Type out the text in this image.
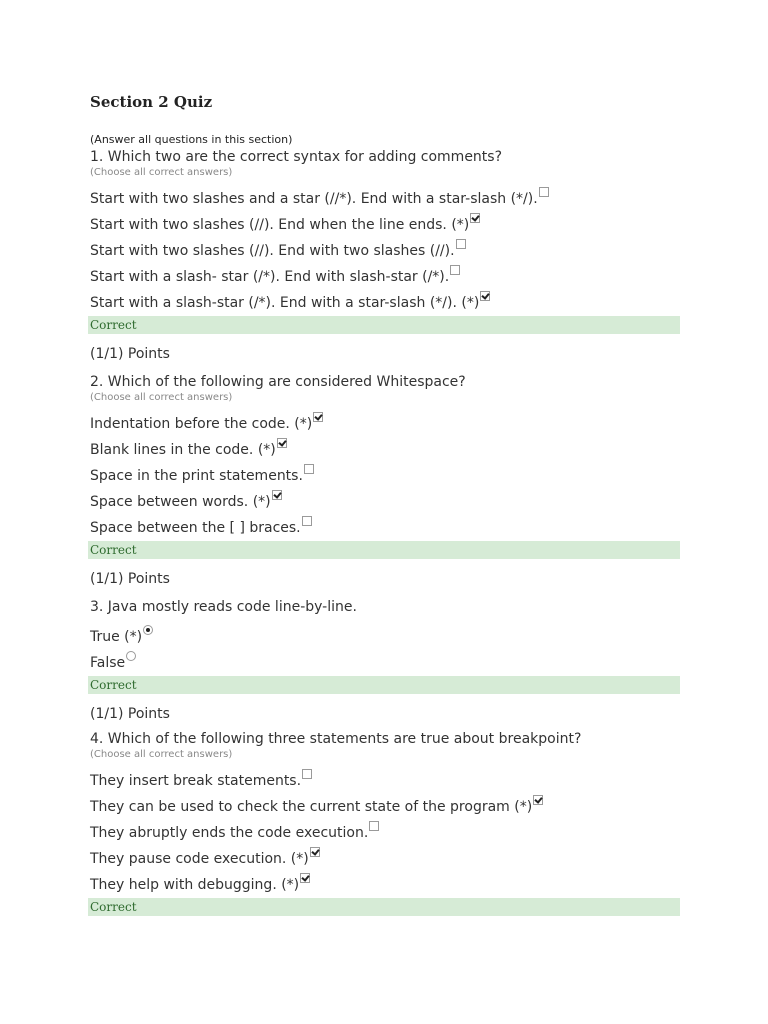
Section 2 Quiz
(Answer all questions in this section)
1. Which two are the correct syntax for adding comments?
(Choose all correct answers)
Start with two slashes and a star (//*). End with a star-slash (*/).
Start with two slashes (//). End when the line ends. (*)
Start with two slashes (//). End with two slashes (//).
Start with a slash- star (/*). End with slash-star (/*).
Start with a slash-star (/*). End with a star-slash (*/). (*)
Correct
(1/1) Points
2. Which of the following are considered Whitespace?
(Choose all correct answers)
Indentation before the code. (*)
Blank lines in the code. (*)
Space in the print statements.
Space between words. (*)
Space between the [ ] braces.
Correct
(1/1) Points
3. Java mostly reads code line-by-line.
True (*)
False
Correct
(1/1) Points
4. Which of the following three statements are true about breakpoint?
(Choose all correct answers)
They insert break statements.
They can be used to check the current state of the program (*)
They abruptly ends the code execution.
They pause code execution. (*)
They help with debugging. (*)
Correct
